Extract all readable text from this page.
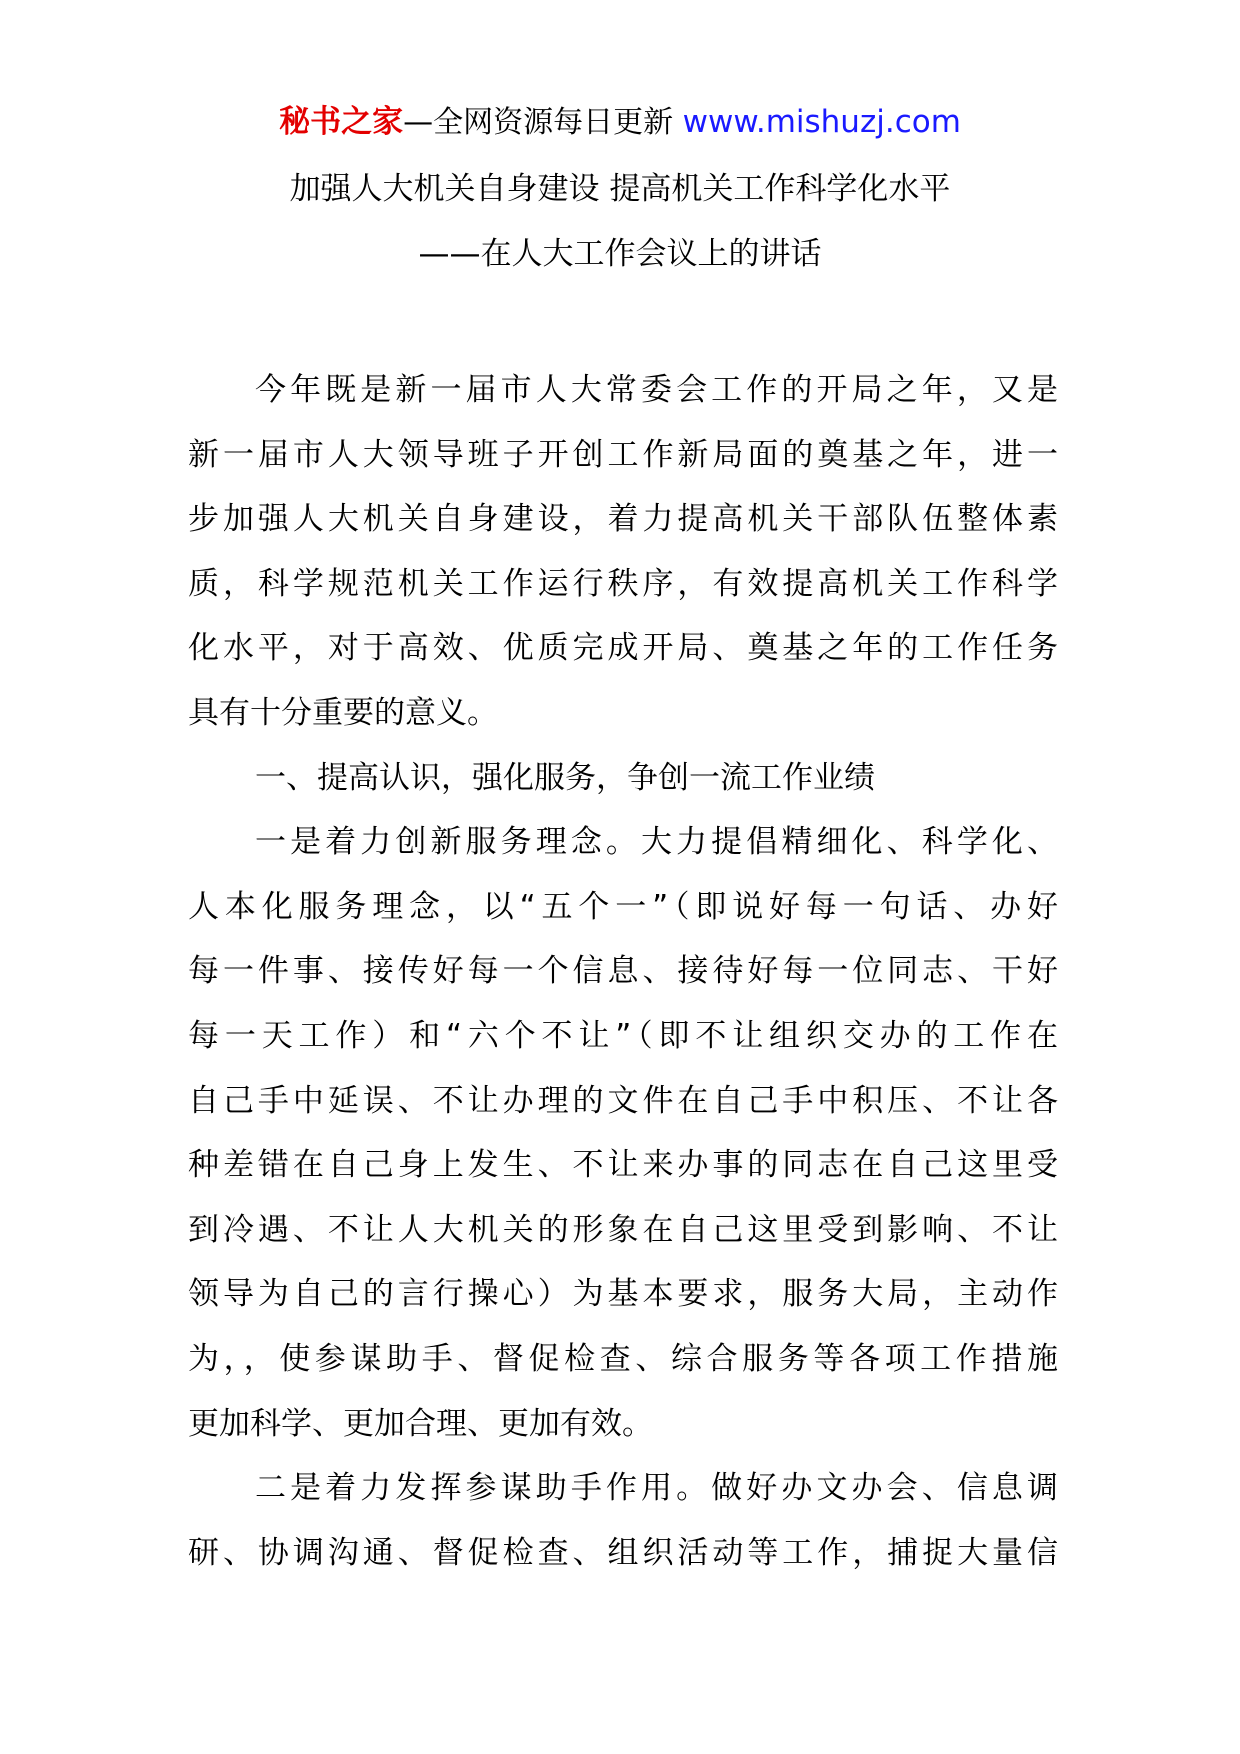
秘书之家—全网资源每日更新 www.mishuzj.com
加强人大机关自身建设 提高机关工作科学化水平
——在人大工作会议上的讲话
今年既是新一届市人大常委会工作的开局之年，又是
新一届市人大领导班子开创工作新局面的奠基之年，进一
步加强人大机关自身建设，着力提高机关干部队伍整体素
质，科学规范机关工作运行秩序，有效提高机关工作科学
化水平，对于高效、优质完成开局、奠基之年的工作任务
具有十分重要的意义。
一、提高认识，强化服务，争创一流工作业绩
一是着力创新服务理念。大力提倡精细化、科学化、
人本化服务理念，以“五个一”（即说好每一句话、办好
每一件事、接传好每一个信息、接待好每一位同志、干好
每一天工作）和“六个不让”（即不让组织交办的工作在
自己手中延误、不让办理的文件在自己手中积压、不让各
种差错在自己身上发生、不让来办事的同志在自己这里受
到冷遇、不让人大机关的形象在自己这里受到影响、不让
领导为自己的言行操心）为基本要求，服务大局，主动作
为，，使参谋助手、督促检查、综合服务等各项工作措施
更加科学、更加合理、更加有效。
二是着力发挥参谋助手作用。做好办文办会、信息调
研、协调沟通、督促检查、组织活动等工作，捕捉大量信
